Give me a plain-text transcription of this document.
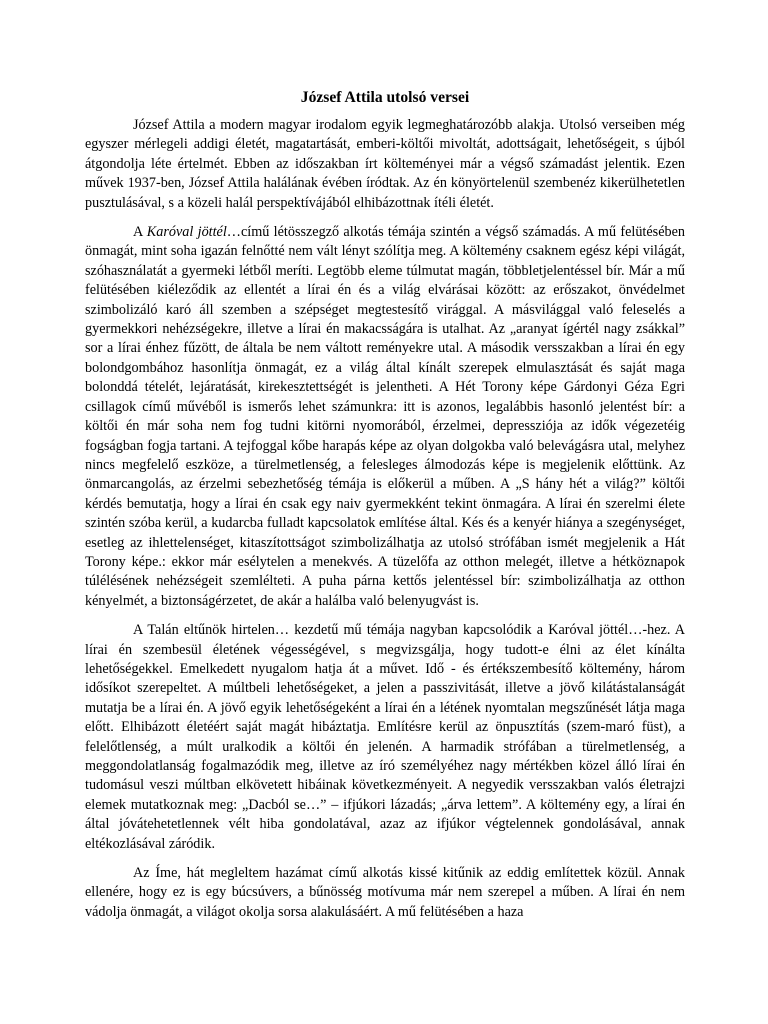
József Attila utolsó versei

József Attila a modern magyar irodalom egyik legmeghatározóbb alakja. Utolsó verseiben még egyszer mérlegeli addigi életét, magatartását, emberi-költői mivoltát, adottságait, lehetőségeit, s újból átgondolja léte értelmét. Ebben az időszakban írt költeményei már a végső számadást jelentik. Ezen művek 1937-ben, József Attila halálának évében íródtak. Az én könyörtelenül szembenéz kikerülhetetlen pusztulásával, s a közeli halál perspektívájából elhibázottnak ítéli életét.

A Karóval jöttél…című létösszegző alkotás témája szintén a végső számadás. A mű felütésében önmagát, mint soha igazán felnőtté nem vált lényt szólítja meg. A költemény csaknem egész képi világát, szóhasználatát a gyermeki létből meríti. Legtöbb eleme túlmutat magán, többletjelentéssel bír. Már a mű felütésében kiéleződik az ellentét a lírai én és a világ elvárásai között: az erőszakot, önvédelmet szimbolizáló karó áll szemben a szépséget megtestesítő virággal. A másvilággal való feleselés a gyermekkori nehézségekre, illetve a lírai én makacsságára is utalhat. Az „aranyat ígértél nagy zsákkal” sor a lírai énhez fűzött, de általa be nem váltott reményekre utal. A második versszakban a lírai én egy bolondgombához hasonlítja önmagát, ez a világ által kínált szerepek elmulasztását és saját maga bolonddá tételét, lejáratását, kirekesztettségét is jelentheti. A Hét Torony képe Gárdonyi Géza Egri csillagok című művéből is ismerős lehet számunkra: itt is azonos, legalábbis hasonló jelentést bír: a költői én már soha nem fog tudni kitörni nyomorából, érzelmei, depressziója az idők végezetéig fogságban fogja tartani. A tejfoggal kőbe harapás képe az olyan dolgokba való belevágásra utal, melyhez nincs megfelelő eszköze, a türelmetlenség, a felesleges álmodozás képe is megjelenik előttünk. Az önmarcangolás, az érzelmi sebezhetőség témája is előkerül a műben. A „S hány hét a világ?” költői kérdés bemutatja, hogy a lírai én csak egy naiv gyermekként tekint önmagára. A lírai én szerelmi élete szintén szóba kerül, a kudarcba fulladt kapcsolatok említése által. Kés és a kenyér hiánya a szegénységet, esetleg az ihlettelenséget, kitaszítottságot szimbolizálhatja az utolsó strófában ismét megjelenik a Hát Torony képe.: ekkor már esélytelen a menekvés. A tüzelőfa az otthon melegét, illetve a hétköznapok túlélésének nehézségeit szemlélteti. A puha párna kettős jelentéssel bír: szimbolizálhatja az otthon kényelmét, a biztonságérzetet, de akár a halálba való belenyugvást is.

A Talán eltűnök hirtelen… kezdetű mű témája nagyban kapcsolódik a Karóval jöttél…-hez. A lírai én szembesül életének végességével, s megvizsgálja, hogy tudott-e élni az élet kínálta lehetőségekkel. Emelkedett nyugalom hatja át a művet. Idő - és értékszembesítő költemény, három idősíkot szerepeltet. A múltbeli lehetőségeket, a jelen a passzivitását, illetve a jövő kilátástalanságát mutatja be a lírai én. A jövő egyik lehetőségeként a lírai én a létének nyomtalan megszűnését látja maga előtt. Elhibázott életéért saját magát hibáztatja. Említésre kerül az önpusztítás (szem-maró füst), a felelőtlenség, a múlt uralkodik a költői én jelenén. A harmadik strófában a türelmetlenség, a meggondolatlanság fogalmazódik meg, illetve az író személyéhez nagy mértékben közel álló lírai én tudomásul veszi múltban elkövetett hibáinak következményeit. A negyedik versszakban valós életrajzi elemek mutatkoznak meg: „Dacból se…” – ifjúkori lázadás; „árva lettem”. A költemény egy, a lírai én által jóvátehetetlennek vélt hiba gondolatával, azaz az ifjúkor végtelennek gondolásával, annak eltékozlásával záródik.

Az Íme, hát megleltem hazámat című alkotás kissé kitűnik az eddig említettek közül. Annak ellenére, hogy ez is egy búcsúvers, a bűnösség motívuma már nem szerepel a műben. A lírai én nem vádolja önmagát, a világot okolja sorsa alakulásáért. A mű felütésében a haza
